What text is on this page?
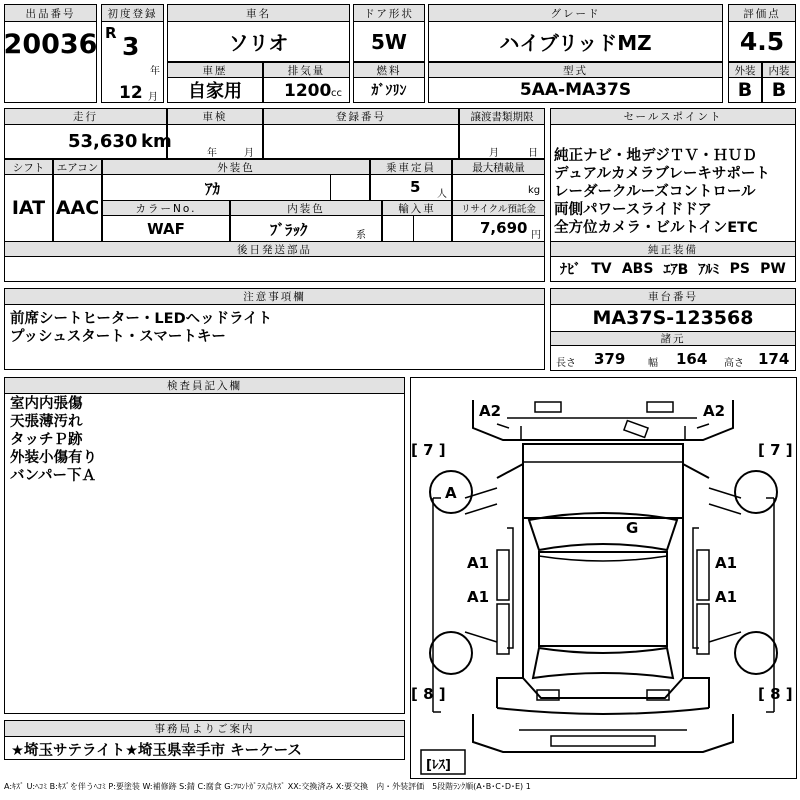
出品番号
20036
初度登録
R 3
年
12 月
車名
ソリオ
ドア形状
5W
グレード
ハイブリッドMZ
評価点
4.5
車歴
自家用
排気量
1200 cc
燃料
ｶﾞｿﾘﾝ
型式
5AA-MA37S
外装
B
内装
B
走行
53,630 km
車検
年	月
登録番号	譲渡書類期限
月	日
セールスポイント
純正ナビ・地デジＴＶ・ＨＵＤ
デュアルカメラブレーキサポート
レーダークルーズコントロール
両側パワースライドドア
全方位カメラ・ビルトインETC
シフト
IAT
エアコン
AAC
外装色
ｱｶ
乗車定員
5 人
最大積載量
kg
カラーNo.
WAF
内装色
ﾌﾞﾗｯｸ	系
輸入車	リサイクル預託金
7,690 円
後日発送部品	純正装備
ﾅﾋﾞ TV ABS ｴｱB ｱﾙﾐ PS PW
注意事項欄
前席シートヒーター・LEDヘッドライト
プッシュスタート・スマートキー
車台番号
MA37S-123568
諸元
長さ 379 幅 164 高さ 174
検査員記入欄
室内内張傷
天張薄汚れ
タッチＰ跡
外装小傷有り
バンパー下Ａ
A2	A2
A
G
A1	A1
A1	A1
[ 7 ]	[ 7 ]
[ 8 ]	[ 8 ]
[ﾚｽ]
事務局よりご案内
★埼玉サテライト★埼玉県幸手市 キーケース
A:ｷｽﾞ U:ﾍｺﾐ B:ｷｽﾞを伴うﾍｺﾐ P:要塗装 W:補修跡 S:錆 C:腐食 G:ﾌﾛﾝﾄｶﾞﾗｽ点ｷｽﾞ XX:交換済み X:要交換　内・外装評価　5段階ﾗﾝｸ順(A･B･C･D･E) 1
